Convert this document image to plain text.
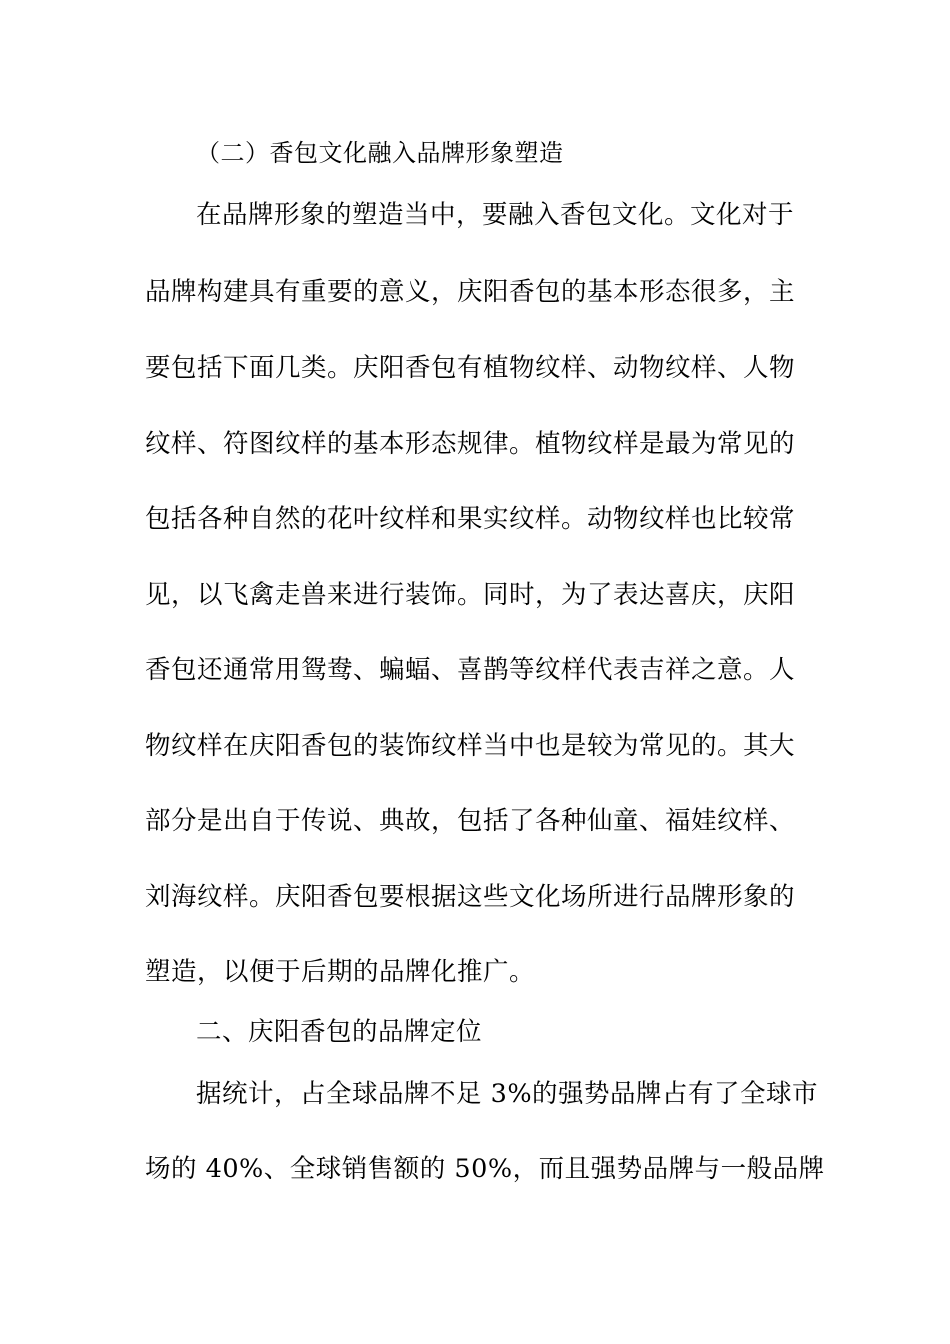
（二）香包文化融入品牌形象塑造
在品牌形象的塑造当中，要融入香包文化。文化对于
品牌构建具有重要的意义，庆阳香包的基本形态很多，主
要包括下面几类。庆阳香包有植物纹样、动物纹样、人物
纹样、符图纹样的基本形态规律。植物纹样是最为常见的
包括各种自然的花叶纹样和果实纹样。动物纹样也比较常
见，以飞禽走兽来进行装饰。同时，为了表达喜庆，庆阳
香包还通常用鸳鸯、蝙蝠、喜鹊等纹样代表吉祥之意。人
物纹样在庆阳香包的装饰纹样当中也是较为常见的。其大
部分是出自于传说、典故，包括了各种仙童、福娃纹样、
刘海纹样。庆阳香包要根据这些文化场所进行品牌形象的
塑造，以便于后期的品牌化推广。
二、庆阳香包的品牌定位
据统计，占全球品牌不足 3%的强势品牌占有了全球市
场的 40%、全球销售额的 50%，而且强势品牌与一般品牌
